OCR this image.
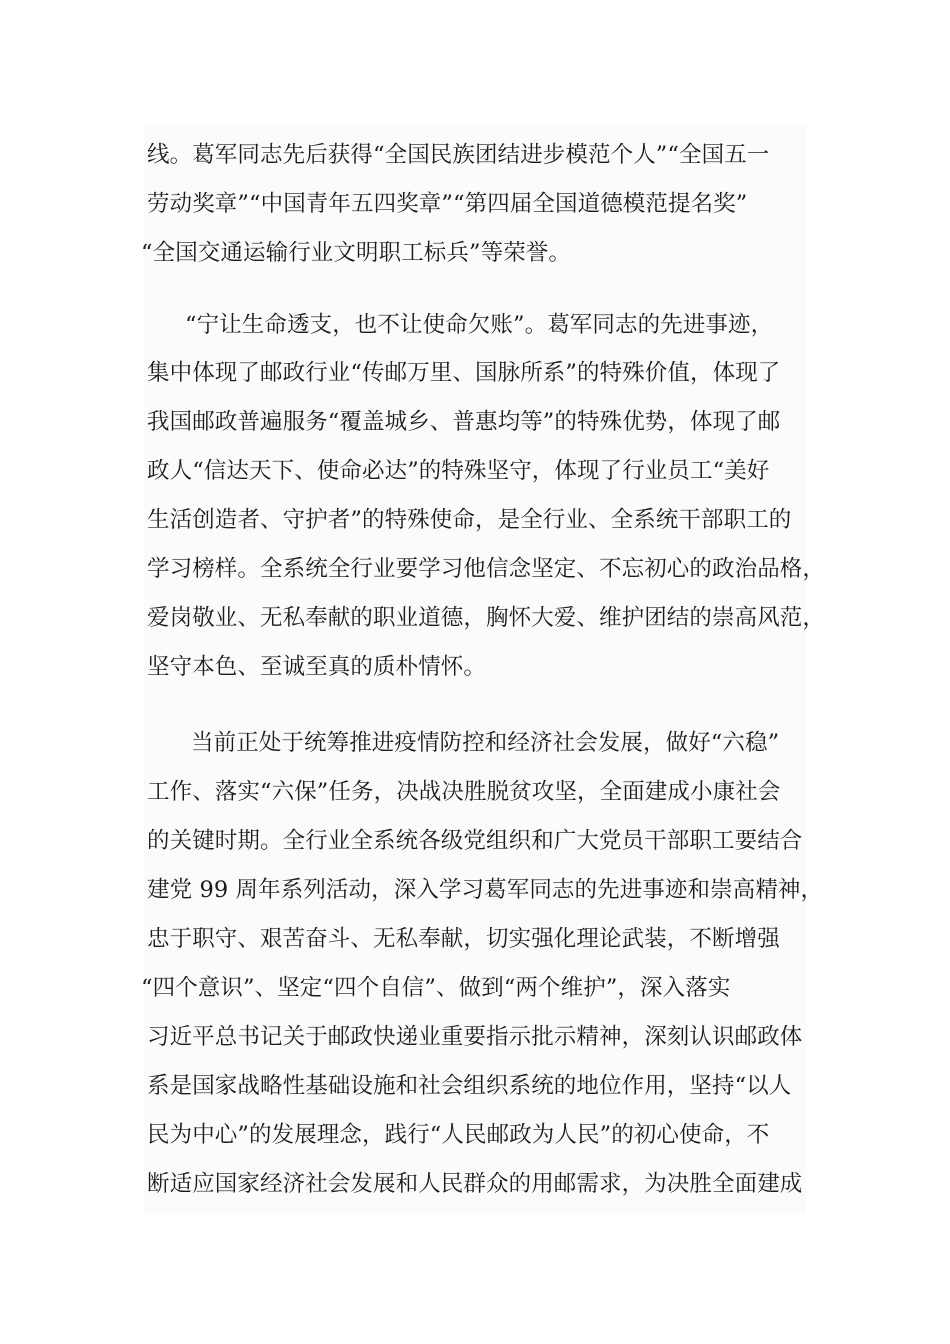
线。葛军同志先后获得“全国民族团结进步模范个人”“全国五一
劳动奖章”“中国青年五四奖章”“第四届全国道德模范提名奖”
“全国交通运输行业文明职工标兵”等荣誉。
“宁让生命透支，也不让使命欠账”。葛军同志的先进事迹，
集中体现了邮政行业“传邮万里、国脉所系”的特殊价值，体现了
我国邮政普遍服务“覆盖城乡、普惠均等”的特殊优势，体现了邮
政人“信达天下、使命必达”的特殊坚守，体现了行业员工“美好
生活创造者、守护者”的特殊使命，是全行业、全系统干部职工的
学习榜样。全系统全行业要学习他信念坚定、不忘初心的政治品格，
爱岗敬业、无私奉献的职业道德，胸怀大爱、维护团结的崇高风范，
坚守本色、至诚至真的质朴情怀。
当前正处于统筹推进疫情防控和经济社会发展，做好“六稳”
工作、落实“六保”任务，决战决胜脱贫攻坚，全面建成小康社会
的关键时期。全行业全系统各级党组织和广大党员干部职工要结合
建党 99 周年系列活动，深入学习葛军同志的先进事迹和崇高精神，
忠于职守、艰苦奋斗、无私奉献，切实强化理论武装，不断增强
“四个意识”、坚定“四个自信”、做到“两个维护”，深入落实
习近平总书记关于邮政快递业重要指示批示精神，深刻认识邮政体
系是国家战略性基础设施和社会组织系统的地位作用，坚持“以人
民为中心”的发展理念，践行“人民邮政为人民”的初心使命，不
断适应国家经济社会发展和人民群众的用邮需求，为决胜全面建成
